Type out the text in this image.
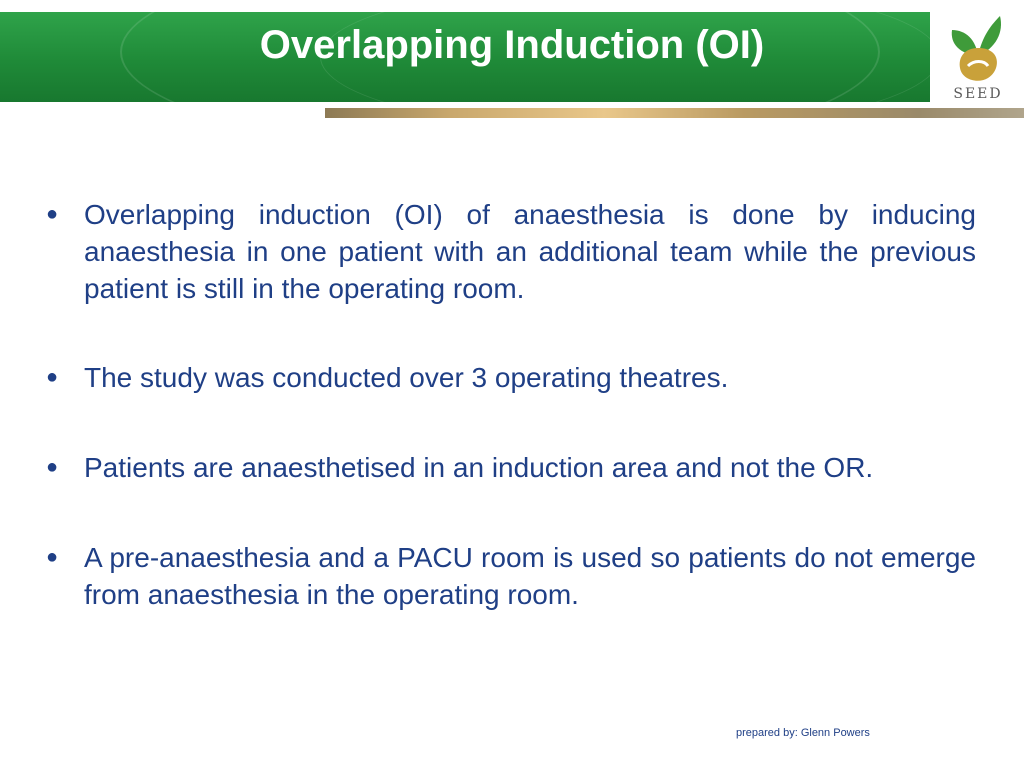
Overlapping Induction (OI)
SEED
● Overlapping induction (OI) of anaesthesia is done by inducing anaesthesia in one patient with an additional team while the previous patient is still in the operating room.
● The study was conducted over 3 operating theatres.
● Patients are anaesthetised in an induction area and not the OR.
● A pre-anaesthesia and a PACU room is used so patients do not emerge from anaesthesia in the operating room.
prepared by: Glenn Powers
